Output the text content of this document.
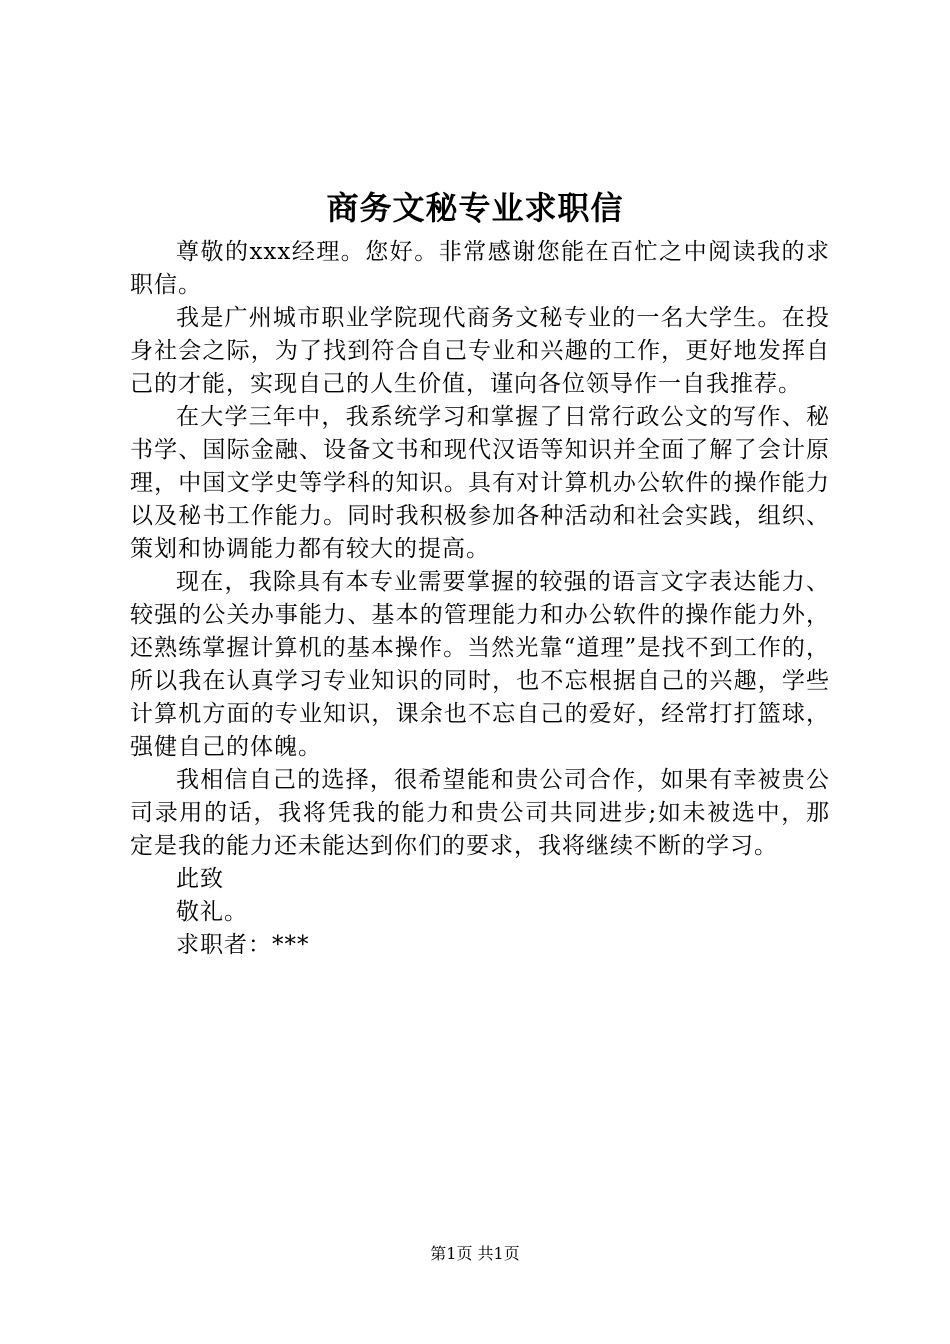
商务文秘专业求职信

尊敬的xxx经理。您好。非常感谢您能在百忙之中阅读我的求职信。

我是广州城市职业学院现代商务文秘专业的一名大学生。在投身社会之际，为了找到符合自己专业和兴趣的工作，更好地发挥自己的才能，实现自己的人生价值，谨向各位领导作一自我推荐。

在大学三年中，我系统学习和掌握了日常行政公文的写作、秘书学、国际金融、设备文书和现代汉语等知识并全面了解了会计原理，中国文学史等学科的知识。具有对计算机办公软件的操作能力以及秘书工作能力。同时我积极参加各种活动和社会实践，组织、策划和协调能力都有较大的提高。

现在，我除具有本专业需要掌握的较强的语言文字表达能力、较强的公关办事能力、基本的管理能力和办公软件的操作能力外，还熟练掌握计算机的基本操作。当然光靠“道理”是找不到工作的，所以我在认真学习专业知识的同时，也不忘根据自己的兴趣，学些计算机方面的专业知识，课余也不忘自己的爱好，经常打打篮球，强健自己的体魄。

我相信自己的选择，很希望能和贵公司合作，如果有幸被贵公司录用的话，我将凭我的能力和贵公司共同进步;如未被选中，那定是我的能力还未能达到你们的要求，我将继续不断的学习。

此致

敬礼。

求职者：***

第1页 共1页
